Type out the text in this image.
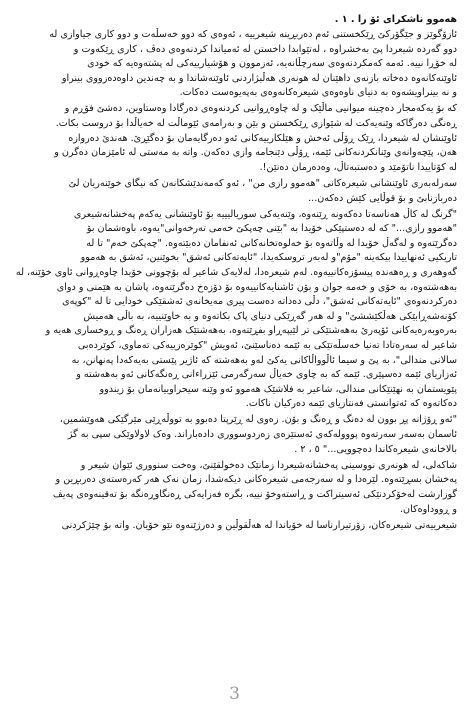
هەموو ناشکرای ئۆ را . ١ .
ئازۆگوێز و جێگۆرکێ ڕێکخستنی ئەم دەربڕینە شیعرییە ، ئەوەی کە دوو خەسڵەت و دوو کاری جیاوازی لە
دوو گەردە شیعردا پێ بەخشراوە ، لەتێوابدا داخستن لە ئەمیاندا کردنەوەی دەڤ ، کاری ڕێکەوت و
لە خۆڕا نییە. ئەمە کەمکردنەوەی سەرچڵانەیە، ئەزموون و هۆشیارییەکی لە پشتەوەیە کە خودی
ئاوێنەکانەوە دەخاتە بازنەی داهێنان لە هونەری هەڵبژاردنی ئاوێنەشاندا و بە چەندین داوەدەزووی بینراو
و نە بینراویشەوە بە دنیای ناوەوەی شیعرەکانەوەی بەپەیوەست دەکات.
کە بۆ یەکەمجار دەچینە میوانیی ماڵێک و لە چاوەڕوانیی کردنەوەی دەرگادا وەستاوین، دەشێ فۆڕم و
ڕەنگی دەرگاکە وێنەیەکت لە شێوازی ڕێکخستن و بێن و بەرامەی ئێوماڵت لە خەیاڵدا بۆ دروست بکات.
ئاوێنشان لە شیعردا، ڕێک ڕۆڵی ئەخش و هێلکارییەکانی ئەو دەرگایەمان بۆ دەگێڕێ. هەندێ دەروازە
هەن، پێچەوانەی وێنانکردنەکانی ئێمە، ڕۆڵی دێنجامە وازی دەکەن. واتە بە مەستی لە ئامێزمان دەگرن و
لە کۆتاییدا ناتۆمێد و دەستبەتاڵ، وەدەرمان دەنێن!.
سەرلەبەری ئاوێنشانی شیعرەکانی "هەموو رازی من" ، ئەو کەمەندێشکانەن کە نیگای خوێنەریان لێ
دەربازنابێ و بۆ قوڵایی کێش دەکەن...
"گرنگ لە کاڵ هەناسەتا دەکەونە ڕێنەوە، وێنەیەکی سوریالیییە بۆ ئاوێنشانی یەکەم پەخشانەشیعری
"هەموو رازی..." کە لە دەستپێکی خۆیدا بە "بێنی چەپکێ خەمی تەرخەوانی"یەوە، باوەشمان بۆ
دەگرێتەوە و لەگەڵ خۆیدا لە وڵاتەوە بۆ خەلوەتخانەکانی ئەنفامان دەبێتەوە. "چەپکێ خەم" تا لە
تاریکیی ئەنهاییدا بیکەینە "مۆم"و لەبەر تروسکەیدا، "ئایەتەکانی ئەشق" بخوێنین، ئەشق بە هەموو
گەوهەری و ڕەهەندە پیسۆزەکانییەوە. لەم شیعرەدا، لەلایەک شاعیر لە بۆچوونی خۆیدا چاوەڕوانی ئاوی خۆێنە، لە
بەهەشتەوە، بە خۆی و خەمە جوان و بۆن ئاشنایەکانییەوە بۆ دۆزەخ دەگرێتەوە، پاشان بە هێمنی و دوای
دەرکردنەوەی "ئایەتەکانی ئەشق"، دڵی دەداتە دەست پیری مەیخانەی ئەشقێکی خودایی تا لە "کوپەی
کۆنەشەڕابێکی هەڵکێششێ" و لە هەر گەڕێکی دنیای پاک بکاتەوە و بە خاوێنییە، بە باڵی هەمیش
بەرەوبەرەیەکانی ئۆپەرێ بەهەشتێکی تر لێیپەڕاو بفڕێتەوە، بەهەشتێک هەزاران ڕەنگ و ڕوخساری هەیە و
شاعیر لە سەرەتادا تەنیا خەسڵەتێکی بە ئێمە دەناسێنێ، ئەویش "کوێرەزییەکی تەماوی، کوێردەبی
سالانی مندالی"، بە پێ و سیما ئاڵوواڵاکانی یەکێ لەو بەهەشتە کە ئاژیر پێستی بەیەکەدا پەنهانن، بە
ئەزاریای ئێمە دەسپێری. ئێمە کە بە چاوی خەیاڵ سەرگەرمی ئێزراءانی ڕەنگەکانی ئەو بەهەشتە و
پێویستمان بە نهێنێکانی مندالی، شاعیر بە فلاشێک هەموو ئەو وێنە سیحراوییانەمان بۆ زیندوو
دەکاتەوە کە ئەتوانستی فەنتازیای ئێمە دەرکیان ناکات.
"ئەو ڕۆژانە پڕ بوون لە دەنگ و ڕەنگ و بۆن. زەوی لە ڕێرپتا دەبوو بە تووڵەڕێی مێرگێکی هەوێشمین،
ئاسمان بەسەر سەرتەوە پووولەکەی ئەستێرەی زەردوسووری دادەباراند. وەک لاولاوێکی سپی بە گژ
بالاخانەی شیعرەکاندا دەچوویی..." ٥ ، ٢ .
شاکەلی، لە هونەری نووسینی پەخشانەشیعردا زمانێک دەخولقێنێ، وەخت سنووری ئێوان شیعر و
پەخشان بسڕێتەوە. لێرەدا و لە سەرجەمی شیعرەکانی دیکەشدا، زمان نەک هەر کەرەستەی دەربڕین و
گوزارشت لەخۆکردنێکی ئەسیتراکت و ڕاستەوخۆ نییە، بگرە فەزایەکی ڕەنگاوڕەنگە بۆ تەقینەوەی پەیڤ
و ڕووداوەکان.
شیعرییەتی شیعرەکان، زۆرتیرارناسا لە خۆیاندا لە هەڵقوڵین و دەرژێنەوە نێو خۆیان. واتە بۆ چێژکردنی
3
